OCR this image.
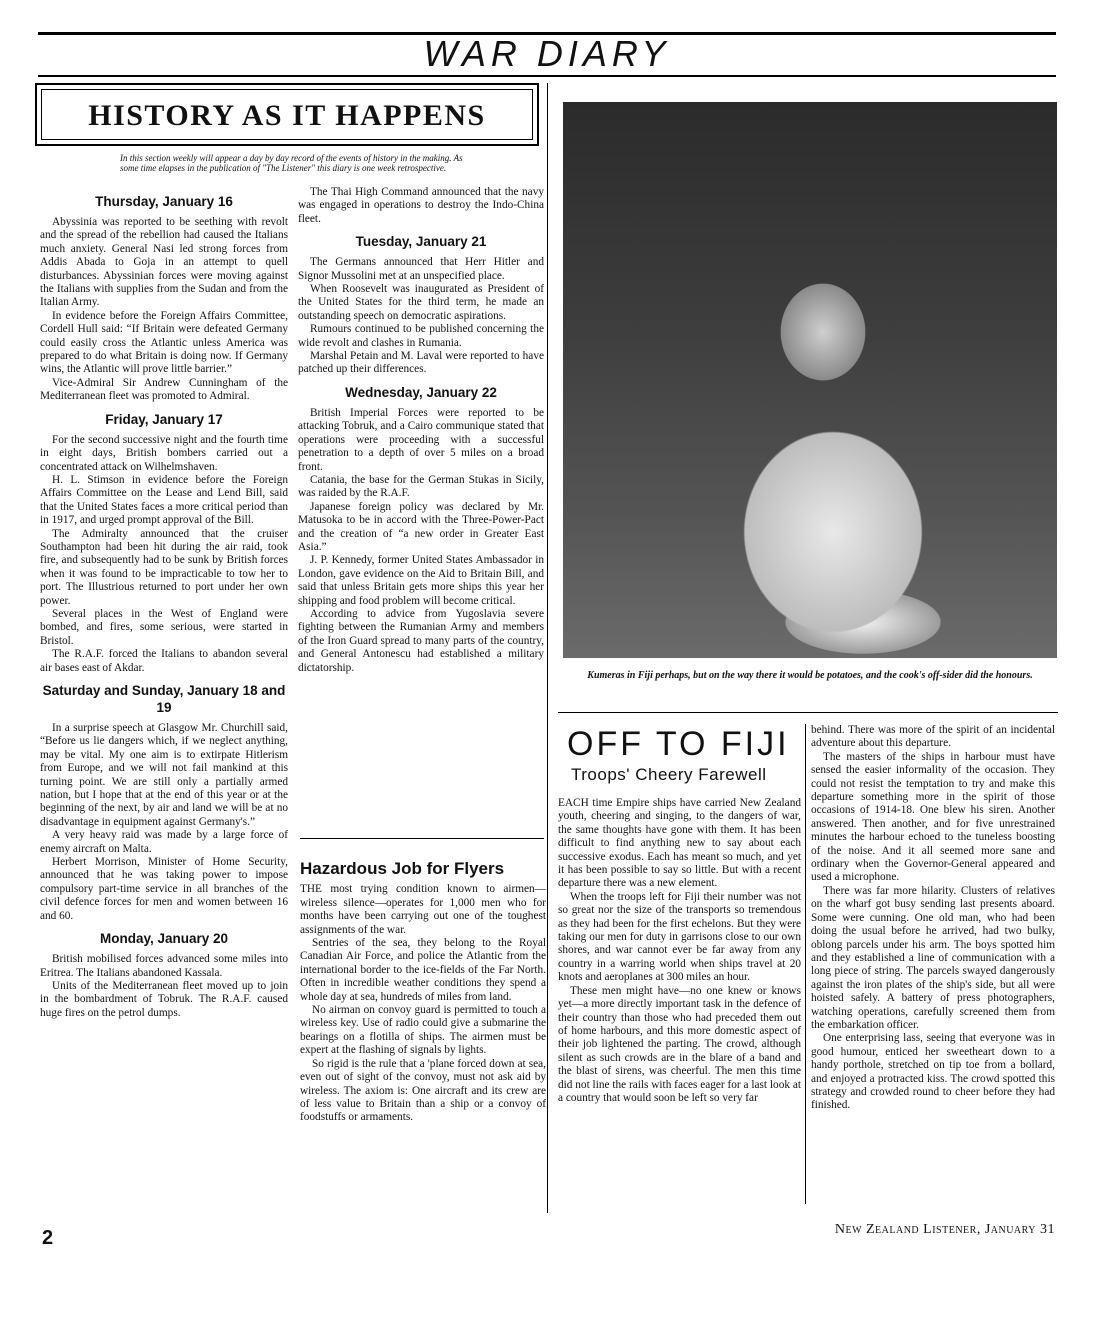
WAR DIARY
HISTORY AS IT HAPPENS
In this section weekly will appear a day by day record of the events of history in the making. As some time elapses in the publication of "The Listener" this diary is one week retrospective.
Thursday, January 16

Abyssinia was reported to be seething with revolt and the spread of the rebellion had caused the Italians much anxiety. General Nasi led strong forces from Addis Abada to Goja in an attempt to quell disturbances. Abyssinian forces were moving against the Italians with supplies from the Sudan and from the Italian Army.

In evidence before the Foreign Affairs Committee, Cordell Hull said: “If Britain were defeated Germany could easily cross the Atlantic unless America was prepared to do what Britain is doing now. If Germany wins, the Atlantic will prove little barrier.”

Vice-Admiral Sir Andrew Cunningham of the Mediterranean fleet was promoted to Admiral.

Friday, January 17

For the second successive night and the fourth time in eight days, British bombers carried out a concentrated attack on Wilhelmshaven.

H. L. Stimson in evidence before the Foreign Affairs Committee on the Lease and Lend Bill, said that the United States faces a more critical period than in 1917, and urged prompt approval of the Bill.

The Admiralty announced that the cruiser Southampton had been hit during the air raid, took fire, and subsequently had to be sunk by British forces when it was found to be impracticable to tow her to port. The Illustrious returned to port under her own power.

Several places in the West of England were bombed, and fires, some serious, were started in Bristol.

The R.A.F. forced the Italians to abandon several air bases east of Akdar.

Saturday and Sunday, January 18 and 19

In a surprise speech at Glasgow Mr. Churchill said, “Before us lie dangers which, if we neglect anything, may be vital. My one aim is to extirpate Hitlerism from Europe, and we will not fail mankind at this turning point. We are still only a partially armed nation, but I hope that at the end of this year or at the beginning of the next, by air and land we will be at no disadvantage in equipment against Germany's.”

A very heavy raid was made by a large force of enemy aircraft on Malta.

Herbert Morrison, Minister of Home Security, announced that he was taking power to impose compulsory part-time service in all branches of the civil defence forces for men and women between 16 and 60.

Monday, January 20

British mobilised forces advanced some miles into Eritrea. The Italians abandoned Kassala.

Units of the Mediterranean fleet moved up to join in the bombardment of Tobruk. The R.A.F. caused huge fires on the petrol dumps.

The Thai High Command announced that the navy was engaged in operations to destroy the Indo-China fleet.

Tuesday, January 21

The Germans announced that Herr Hitler and Signor Mussolini met at an unspecified place.

When Roosevelt was inaugurated as President of the United States for the third term, he made an outstanding speech on democratic aspirations.

Rumours continued to be published concerning the wide revolt and clashes in Rumania.

Marshal Petain and M. Laval were reported to have patched up their differences.

Wednesday, January 22

British Imperial Forces were reported to be attacking Tobruk, and a Cairo communique stated that operations were proceeding with a successful penetration to a depth of over 5 miles on a broad front.

Catania, the base for the German Stukas in Sicily, was raided by the R.A.F.

Japanese foreign policy was declared by Mr. Matusoka to be in accord with the Three-Power-Pact and the creation of “a new order in Greater East Asia.”

J. P. Kennedy, former United States Ambassador in London, gave evidence on the Aid to Britain Bill, and said that unless Britain gets more ships this year her shipping and food problem will become critical.

According to advice from Yugoslavia severe fighting between the Rumanian Army and members of the Iron Guard spread to many parts of the country, and General Antonescu had established a military dictatorship.

Hazardous Job for Flyers

THE most trying condition known to airmen—wireless silence—operates for 1,000 men who for months have been carrying out one of the toughest assignments of the war.

Sentries of the sea, they belong to the Royal Canadian Air Force, and police the Atlantic from the international border to the ice-fields of the Far North. Often in incredible weather conditions they spend a whole day at sea, hundreds of miles from land.

No airman on convoy guard is permitted to touch a wireless key. Use of radio could give a submarine the bearings on a flotilla of ships. The airmen must be expert at the flashing of signals by lights.

So rigid is the rule that a 'plane forced down at sea, even out of sight of the convoy, must not ask aid by wireless. The axiom is: One aircraft and its crew are of less value to Britain than a ship or a convoy of foodstuffs or armaments.

Kumeras in Fiji perhaps, but on the way there it would be potatoes, and the cook's off-sider did the honours.
OFF TO FIJI
Troops' Cheery Farewell

EACH time Empire ships have carried New Zealand youth, cheering and singing, to the dangers of war, the same thoughts have gone with them. It has been difficult to find anything new to say about each successive exodus. Each has meant so much, and yet it has been possible to say so little. But with a recent departure there was a new element.

When the troops left for Fiji their number was not so great nor the size of the transports so tremendous as they had been for the first echelons. But they were taking our men for duty in garrisons close to our own shores, and war cannot ever be far away from any country in a warring world when ships travel at 20 knots and aeroplanes at 300 miles an hour.

These men might have—no one knew or knows yet—a more directly important task in the defence of their country than those who had preceded them out of home harbours, and this more domestic aspect of their job lightened the parting. The crowd, although silent as such crowds are in the blare of a band and the blast of sirens, was cheerful. The men this time did not line the rails with faces eager for a last look at a country that would soon be left so very far

behind. There was more of the spirit of an incidental adventure about this departure.

The masters of the ships in harbour must have sensed the easier informality of the occasion. They could not resist the temptation to try and make this departure something more in the spirit of those occasions of 1914-18. One blew his siren. Another answered. Then another, and for five unrestrained minutes the harbour echoed to the tuneless boosting of the noise. And it all seemed more sane and ordinary when the Governor-General appeared and used a microphone.

There was far more hilarity. Clusters of relatives on the wharf got busy sending last presents aboard. Some were cunning. One old man, who had been doing the usual before he arrived, had two bulky, oblong parcels under his arm. The boys spotted him and they established a line of communication with a long piece of string. The parcels swayed dangerously against the iron plates of the ship's side, but all were hoisted safely. A battery of press photographers, watching operations, carefully screened them from the embarkation officer.

One enterprising lass, seeing that everyone was in good humour, enticed her sweetheart down to a handy porthole, stretched on tip toe from a bollard, and enjoyed a protracted kiss. The crowd spotted this strategy and crowded round to cheer before they had finished.

New Zealand Listener, January 31
2
